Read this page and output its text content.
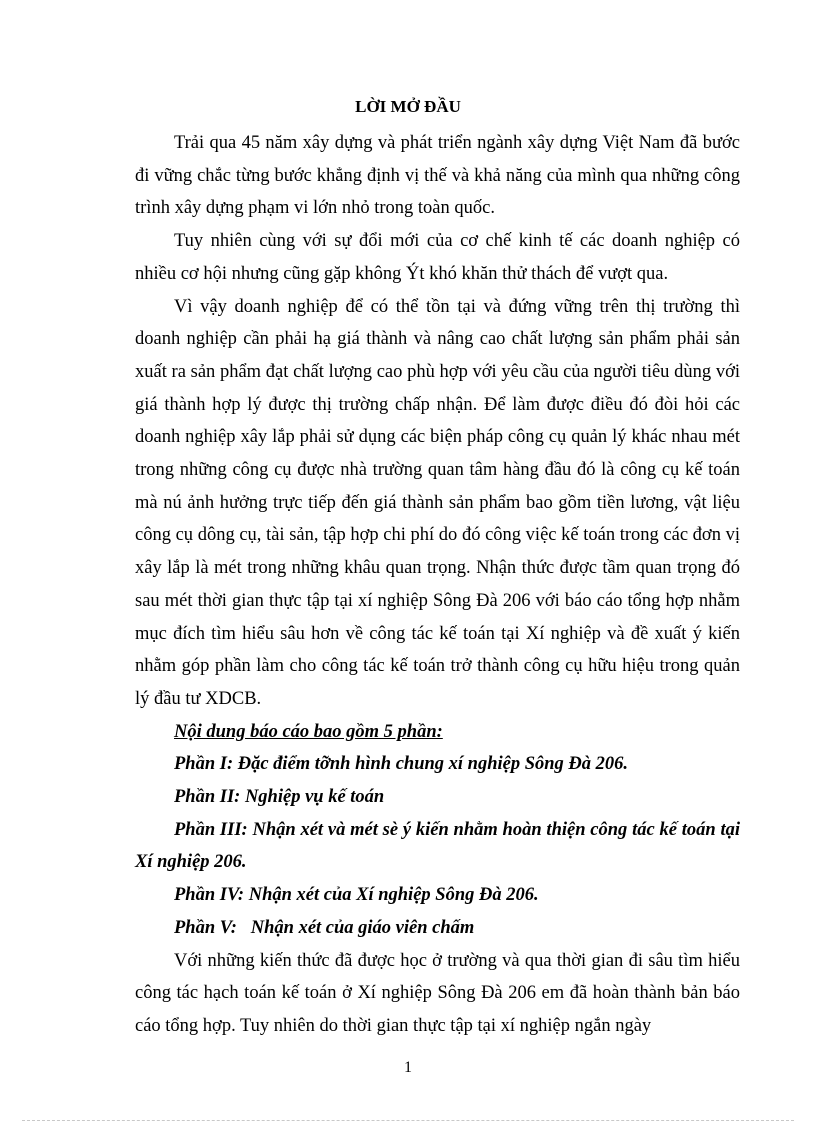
LỜI MỞ ĐẦU

Trải qua 45 năm xây dựng và phát triển ngành xây dựng Việt Nam đã bước đi vững chắc từng bước khẳng định vị thế và khả năng của mình qua những công trình xây dựng phạm vi lớn nhỏ trong toàn quốc.

Tuy nhiên cùng với sự đổi mới của cơ chế kinh tế các doanh nghiệp có nhiều cơ hội nhưng cũng gặp không Ýt khó khăn thử thách để vượt qua.

Vì vậy doanh nghiệp để có thể tồn tại và đứng vững trên thị trường thì doanh nghiệp cần phải hạ giá thành và nâng cao chất lượng sản phẩm phải sản xuất ra sản phẩm đạt chất lượng cao phù hợp với yêu cầu của người tiêu dùng với giá thành hợp lý được thị trường chấp nhận. Để làm được điều đó đòi hỏi các doanh nghiệp xây lắp phải sử dụng các biện pháp công cụ quản lý khác nhau mét trong những công cụ được nhà trường quan tâm hàng đầu đó là công cụ kế toán mà nú ảnh hưởng trực tiếp đến giá thành sản phẩm bao gồm tiền lương, vật liệu công cụ dông cụ, tài sản, tập hợp chi phí do đó công việc kế toán trong các đơn vị xây lắp là mét trong những khâu quan trọng. Nhận thức được tầm quan trọng đó sau mét thời gian thực tập tại xí nghiệp Sông Đà 206 với báo cáo tổng hợp nhằm mục đích tìm hiểu sâu hơn về công tác kế toán tại Xí nghiệp và đề xuất ý kiến nhằm góp phần làm cho công tác kế toán trở thành công cụ hữu hiệu trong quản lý đầu tư XDCB.

Nội dung báo cáo bao gồm 5 phần:

Phần I: Đặc điểm tỡnh hình chung xí nghiệp Sông Đà 206.

Phần II: Nghiệp vụ kế toán

Phần III: Nhận xét và mét sè ý kiến nhằm hoàn thiện công tác kế toán tại Xí nghiệp 206.

Phần IV: Nhận xét của Xí nghiệp Sông Đà 206.

Phần V:   Nhận xét của giáo viên chấm

Với những kiến thức đã được học ở trường và qua thời gian đi sâu tìm hiểu công tác hạch toán kế toán ở Xí nghiệp Sông Đà 206 em đã hoàn thành bản báo cáo tổng hợp. Tuy nhiên do thời gian thực tập tại xí nghiệp ngắn ngày

1
